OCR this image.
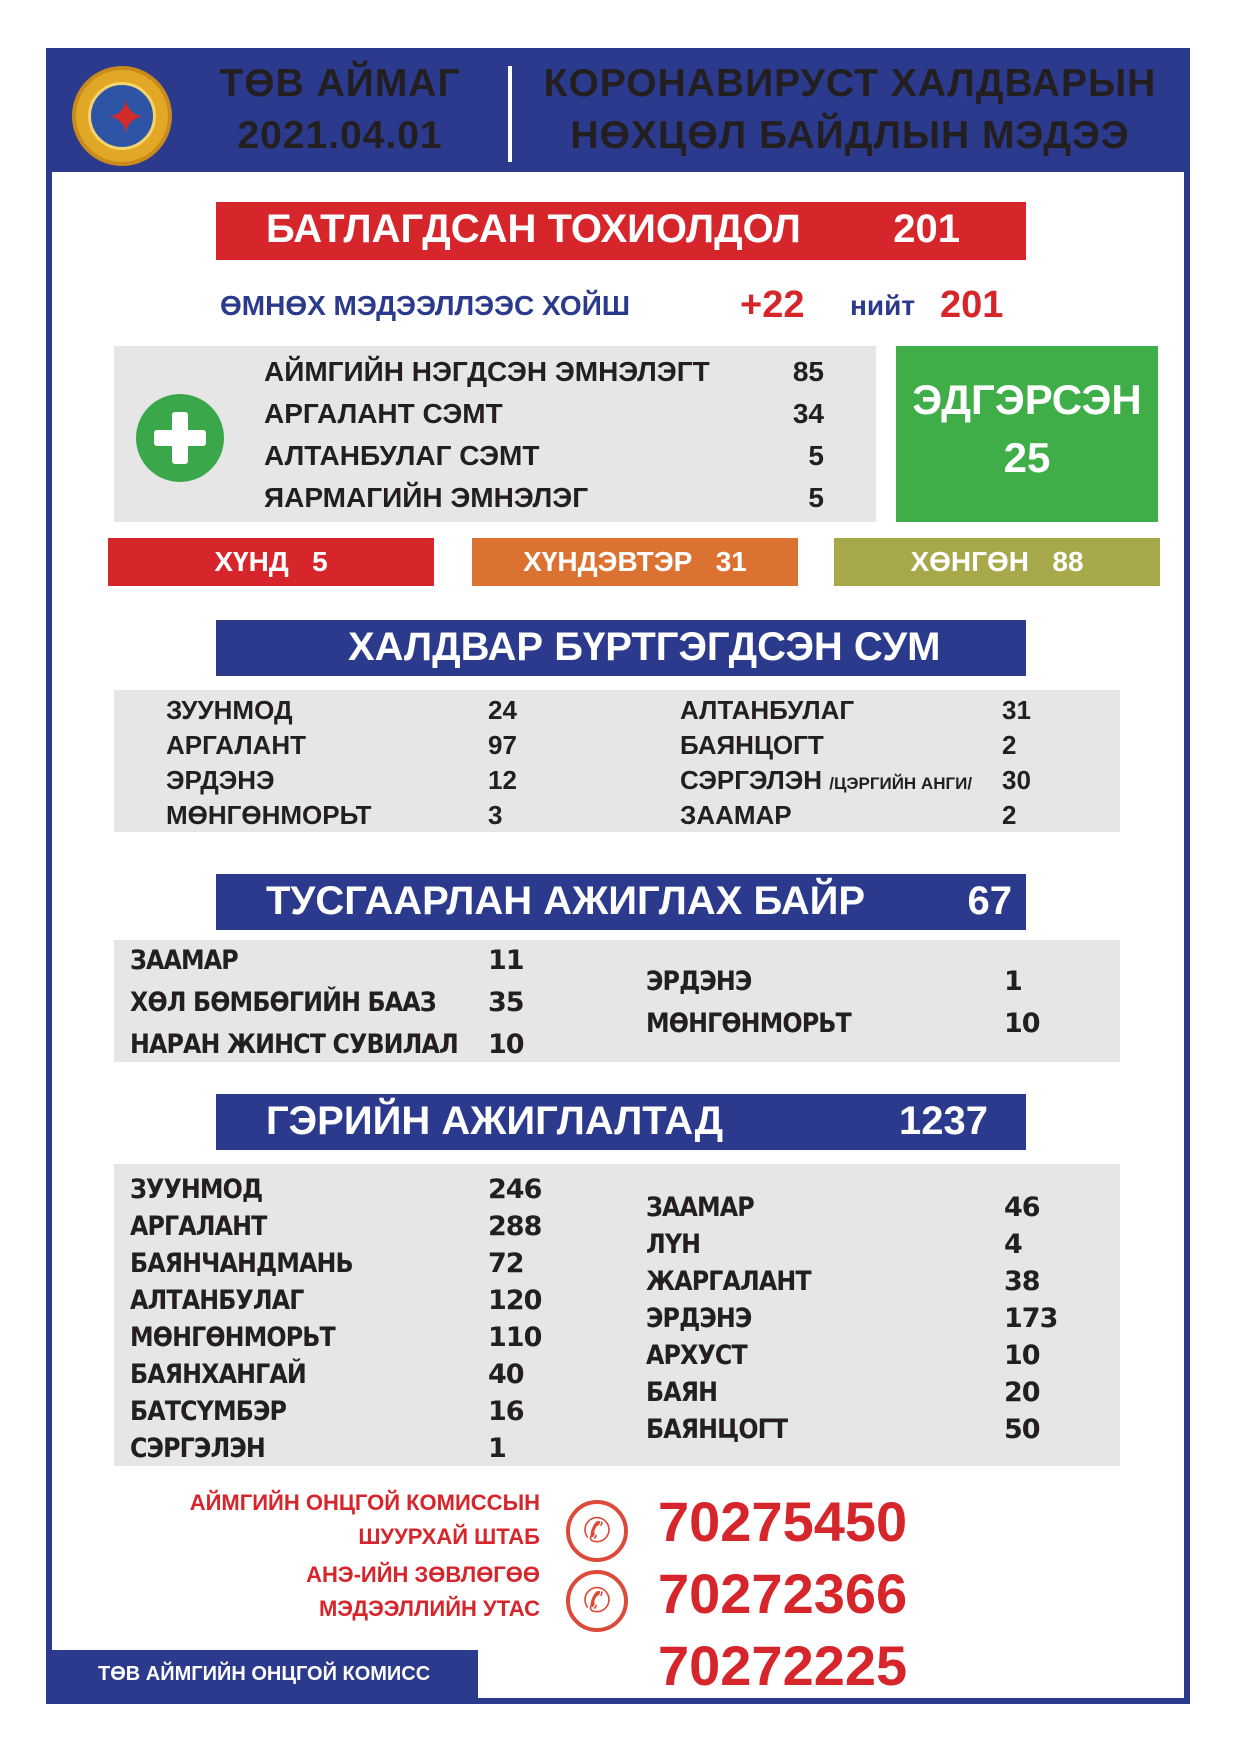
✦
ТӨВ АЙМАГ
2021.04.01
КОРОНАВИРУСТ ХАЛДВАРЫН
НӨХЦӨЛ БАЙДЛЫН МЭДЭЭ
БАТЛАГДСАН ТОХИОЛДОЛ 201
ӨМНӨХ МЭДЭЭЛЛЭЭС ХОЙШ	+22 нийт 201
АЙМГИЙН НЭГДСЭН ЭМНЭЛЭГТ	85
АРГАЛАНТ СЭМТ	34
АЛТАНБУЛАГ СЭМТ	5
ЯАРМАГИЙН ЭМНЭЛЭГ	5
ЭДГЭРСЭН
25
ХҮНД 5	ХҮНДЭВТЭР 31	ХӨНГӨН 88
ХАЛДВАР БҮРТГЭГДСЭН СУМ
ЗУУНМОД	24
АРГАЛАНТ	97
ЭРДЭНЭ	12
МӨНГӨНМОРЬТ	3
АЛТАНБУЛАГ	31
БАЯНЦОГТ	2
СЭРГЭЛЭН /ЦЭРГИЙН АНГИ/ 30
ЗААМАР	2
ТУСГААРЛАН АЖИГЛАХ БАЙР	67
ЗААМАР	11
ХӨЛ БӨМБӨГИЙН БААЗ 35
НАРАН ЖИНСТ СУВИЛАЛ 10
ЭРДЭНЭ	1
МӨНГӨНМОРЬТ	10
ГЭРИЙН АЖИГЛАЛТАД	1237
ЗУУНМОД	246
АРГАЛАНТ	288
БАЯНЧАНДМАНЬ	72
АЛТАНБУЛАГ	120
МӨНГӨНМОРЬТ	110
БАЯНХАНГАЙ	40
БАТСҮМБЭР	16
СЭРГЭЛЭН	1
ЗААМАР	46
ЛҮН	4
ЖАРГАЛАНТ	38
ЭРДЭНЭ	173
АРХУСТ	10
БАЯН	20
БАЯНЦОГТ	50
АЙМГИЙН ОНЦГОЙ КОМИССЫН
ШУУРХАЙ ШТАБ	✆ 70275450
АНЭ-ИЙН ЗӨВЛӨГӨӨ
МЭДЭЭЛЛИЙН УТАС	✆ 70272366
70272225
ТӨВ АЙМГИЙН ОНЦГОЙ КОМИСС
